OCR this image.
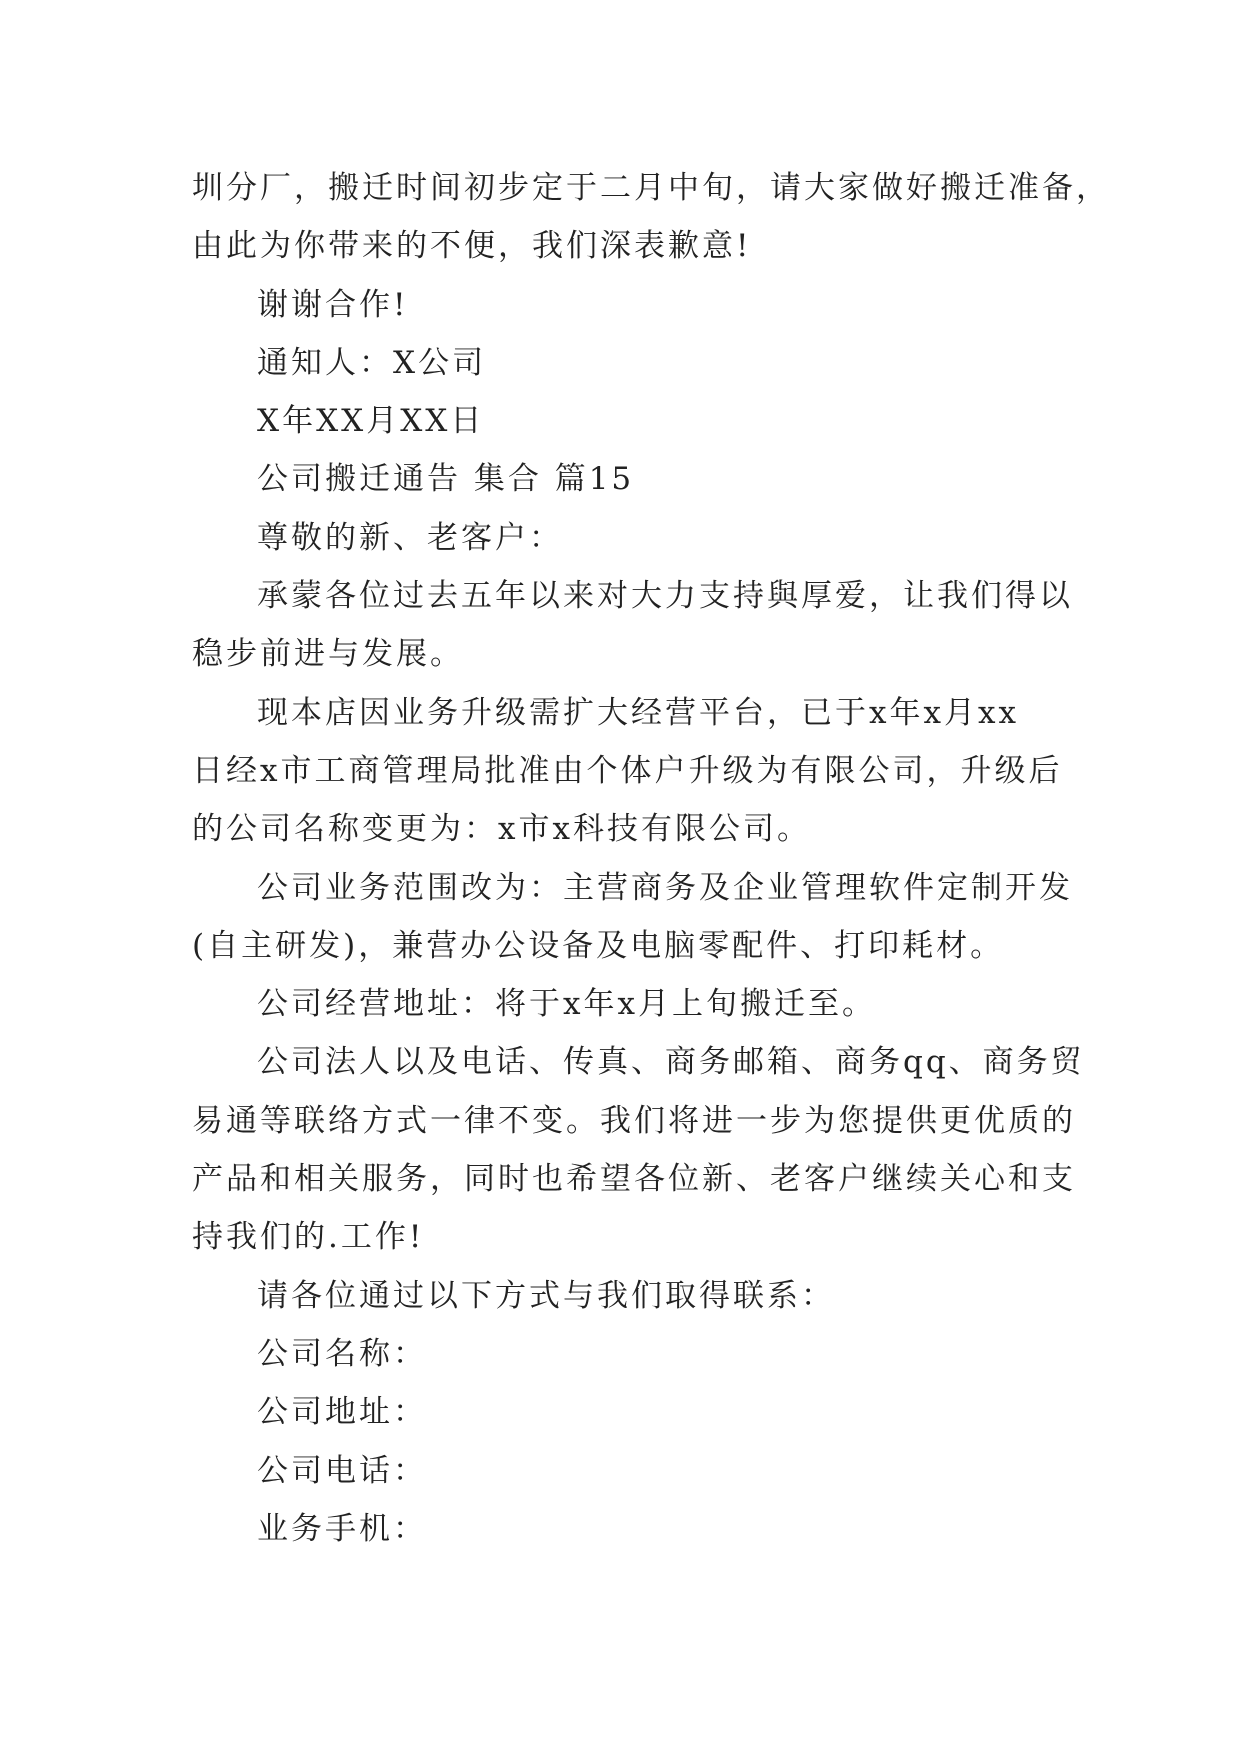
圳分厂，搬迁时间初步定于二月中旬，请大家做好搬迁准备，
由此为你带来的不便，我们深表歉意!
谢谢合作!
通知人：X公司
X年XX月XX日
公司搬迁通告 集合 篇15
尊敬的新、老客户：
承蒙各位过去五年以来对大力支持與厚爱，让我们得以
稳步前进与发展。
现本店因业务升级需扩大经营平台，已于x年x月xx
日经x市工商管理局批准由个体户升级为有限公司，升级后
的公司名称变更为：x市x科技有限公司。
公司业务范围改为：主营商务及企业管理软件定制开发
(自主研发)，兼营办公设备及电脑零配件、打印耗材。
公司经营地址：将于x年x月上旬搬迁至。
公司法人以及电话、传真、商务邮箱、商务qq、商务贸
易通等联络方式一律不变。我们将进一步为您提供更优质的
产品和相关服务，同时也希望各位新、老客户继续关心和支
持我们的.工作!
请各位通过以下方式与我们取得联系：
公司名称：
公司地址：
公司电话：
业务手机：
